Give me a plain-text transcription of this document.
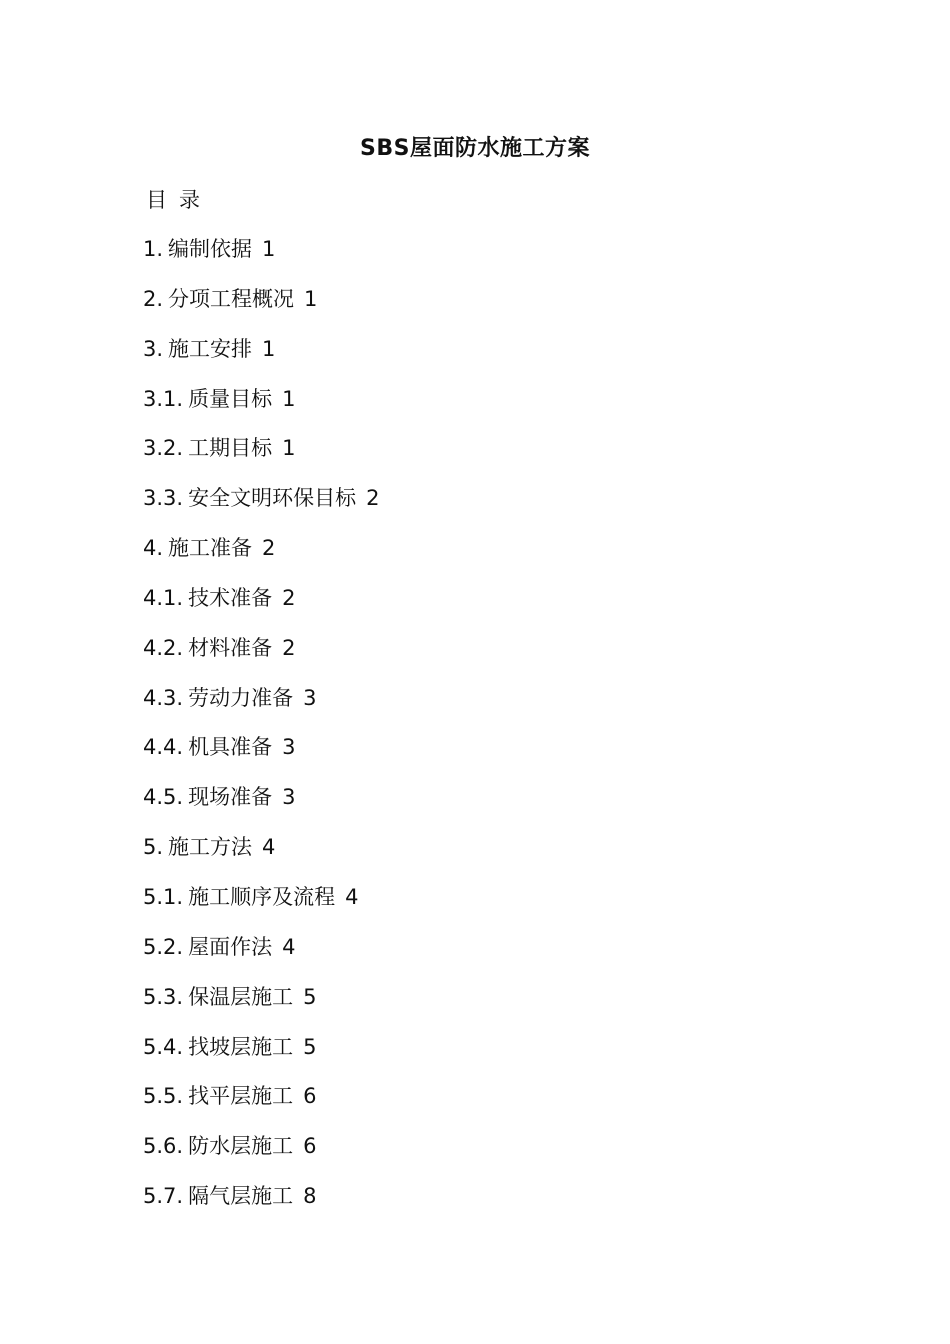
SBS屋面防水施工方案
目录
1. 编制依据 1
2. 分项工程概况 1
3. 施工安排 1
3.1. 质量目标 1
3.2. 工期目标 1
3.3. 安全文明环保目标 2
4. 施工准备 2
4.1. 技术准备 2
4.2. 材料准备 2
4.3. 劳动力准备 3
4.4. 机具准备 3
4.5. 现场准备 3
5. 施工方法 4
5.1. 施工顺序及流程 4
5.2. 屋面作法 4
5.3. 保温层施工 5
5.4. 找坡层施工 5
5.5. 找平层施工 6
5.6. 防水层施工 6
5.7. 隔气层施工 8
